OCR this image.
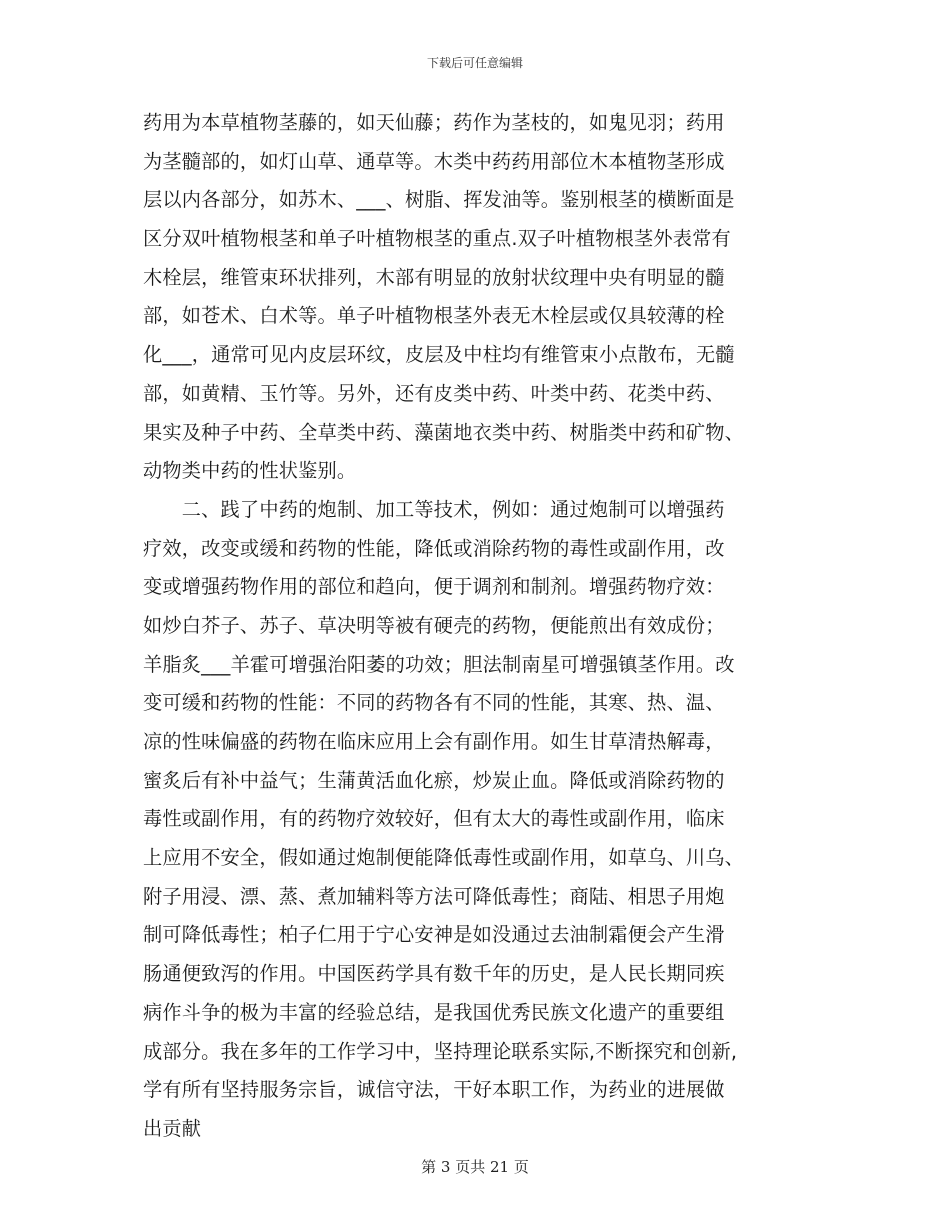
下载后可任意编辑
药用为本草植物茎藤的，如天仙藤；药作为茎枝的，如鬼见羽；药用
为茎髓部的，如灯山草、通草等。木类中药药用部位木本植物茎形成
层以内各部分，如苏木、___、树脂、挥发油等。鉴别根茎的横断面是
区分双叶植物根茎和单子叶植物根茎的重点.双子叶植物根茎外表常有
木栓层，维管束环状排列，木部有明显的放射状纹理中央有明显的髓
部，如苍术、白术等。单子叶植物根茎外表无木栓层或仅具较薄的栓
化___，通常可见内皮层环纹，皮层及中柱均有维管束小点散布，无髓
部，如黄精、玉竹等。另外，还有皮类中药、叶类中药、花类中药、
果实及种子中药、全草类中药、藻菌地衣类中药、树脂类中药和矿物、
动物类中药的性状鉴别。
　　二、践了中药的炮制、加工等技术，例如：通过炮制可以增强药
疗效，改变或缓和药物的性能，降低或消除药物的毒性或副作用，改
变或增强药物作用的部位和趋向，便于调剂和制剂。增强药物疗效：
如炒白芥子、苏子、草决明等被有硬壳的药物，便能煎出有效成份；
羊脂炙___羊霍可增强治阳萎的功效；胆法制南星可增强镇茎作用。改
变可缓和药物的性能：不同的药物各有不同的性能，其寒、热、温、
凉的性味偏盛的药物在临床应用上会有副作用。如生甘草清热解毒，
蜜炙后有补中益气；生蒲黄活血化瘀，炒炭止血。降低或消除药物的
毒性或副作用，有的药物疗效较好，但有太大的毒性或副作用，临床
上应用不安全，假如通过炮制便能降低毒性或副作用，如草乌、川乌、
附子用浸、漂、蒸、煮加辅料等方法可降低毒性；商陆、相思子用炮
制可降低毒性；柏子仁用于宁心安神是如没通过去油制霜便会产生滑
肠通便致泻的作用。中国医药学具有数千年的历史，是人民长期同疾
病作斗争的极为丰富的经验总结，是我国优秀民族文化遗产的重要组
成部分。我在多年的工作学习中，坚持理论联系实际,不断探究和创新,
学有所有坚持服务宗旨，诚信守法，干好本职工作，为药业的进展做
出贡献
第 3 页共 21 页
